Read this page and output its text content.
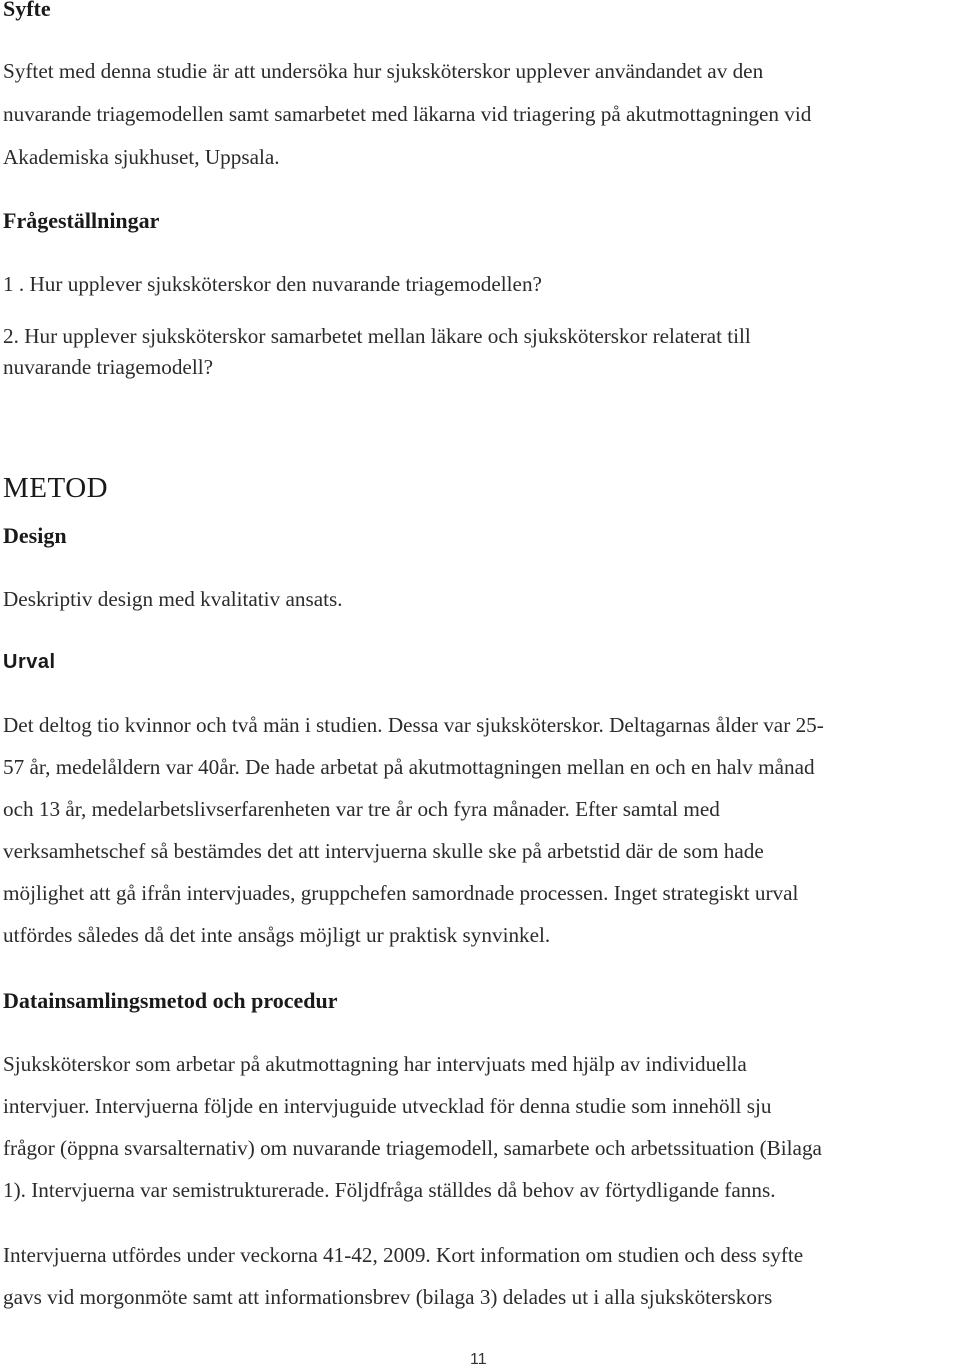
Syfte

Syftet med denna studie är att undersöka hur sjuksköterskor upplever användandet av den
nuvarande triagemodellen samt samarbetet med läkarna vid triagering på akutmottagningen vid
Akademiska sjukhuset, Uppsala.

Frågeställningar

1 . Hur upplever sjuksköterskor den nuvarande triagemodellen?

2. Hur upplever sjuksköterskor samarbetet mellan läkare och sjuksköterskor relaterat till
nuvarande triagemodell?

METOD
Design

Deskriptiv design med kvalitativ ansats.

Urval

Det deltog tio kvinnor och två män i studien. Dessa var sjuksköterskor. Deltagarnas ålder var 25-
57 år, medelåldern var 40år. De hade arbetat på akutmottagningen mellan en och en halv månad
och 13 år, medelarbetslivserfarenheten var tre år och fyra månader. Efter samtal med
verksamhetschef så bestämdes det att intervjuerna skulle ske på arbetstid där de som hade
möjlighet att gå ifrån intervjuades, gruppchefen samordnade processen. Inget strategiskt urval
utfördes således då det inte ansågs möjligt ur praktisk synvinkel.

Datainsamlingsmetod och procedur

Sjuksköterskor som arbetar på akutmottagning har intervjuats med hjälp av individuella
intervjuer. Intervjuerna följde en intervjuguide utvecklad för denna studie som innehöll sju
frågor (öppna svarsalternativ) om nuvarande triagemodell, samarbete och arbetssituation (Bilaga
1). Intervjuerna var semistrukturerade. Följdfråga ställdes då behov av förtydligande fanns.

Intervjuerna utfördes under veckorna 41-42, 2009. Kort information om studien och dess syfte
gavs vid morgonmöte samt att informationsbrev (bilaga 3) delades ut i alla sjuksköterskors

11
